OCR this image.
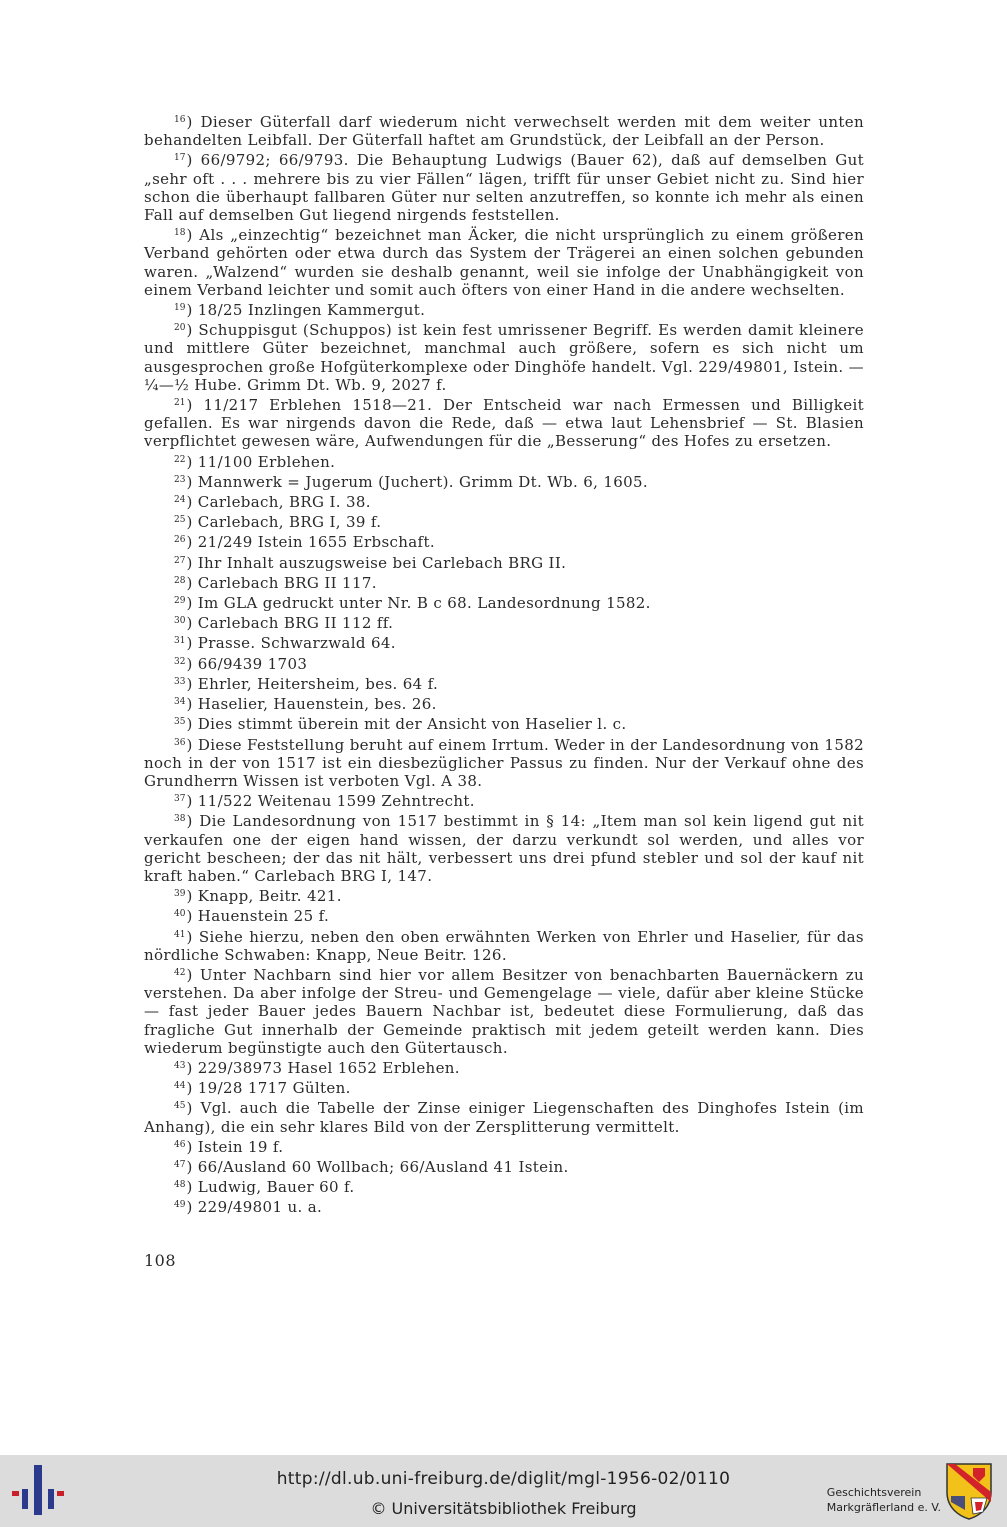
$^{16}$) Dieser Güterfall darf wiederum nicht verwechselt werden mit dem weiter unten behandelten Leibfall. Der Güterfall haftet am Grundstück, der Leibfall an der Person.

$^{17}$) 66/9792; 66/9793. Die Behauptung Ludwigs (Bauer 62), daß auf demselben Gut „sehr oft . . . mehrere bis zu vier Fällen“ lägen, trifft für unser Gebiet nicht zu. Sind hier schon die überhaupt fallbaren Güter nur selten anzutreffen, so konnte ich mehr als einen Fall auf demselben Gut liegend nirgends feststellen.

$^{18}$) Als „einzechtig“ bezeichnet man Äcker, die nicht ursprünglich zu einem größeren Verband gehörten oder etwa durch das System der Trägerei an einen solchen gebunden waren. „Walzend“ wurden sie deshalb genannt, weil sie infolge der Unabhängigkeit von einem Verband leichter und somit auch öfters von einer Hand in die andere wechselten.

$^{19}$) 18/25 Inzlingen Kammergut.

$^{20}$) Schuppisgut (Schuppos) ist kein fest umrissener Begriff. Es werden damit kleinere und mittlere Güter bezeichnet, manchmal auch größere, sofern es sich nicht um ausgesprochen große Hofgüterkomplexe oder Dinghöfe handelt. Vgl. 229/49801, Istein. — ¼—½ Hube. Grimm Dt. Wb. 9, 2027 f.

$^{21}$) 11/217 Erblehen 1518—21. Der Entscheid war nach Ermessen und Billigkeit gefallen. Es war nirgends davon die Rede, daß — etwa laut Lehensbrief — St. Blasien verpflichtet gewesen wäre, Aufwendungen für die „Besserung“ des Hofes zu ersetzen.

$^{22}$) 11/100 Erblehen.

$^{23}$) Mannwerk = Jugerum (Juchert). Grimm Dt. Wb. 6, 1605.

$^{24}$) Carlebach, BRG I. 38.

$^{25}$) Carlebach, BRG I, 39 f.

$^{26}$) 21/249 Istein 1655 Erbschaft.

$^{27}$) Ihr Inhalt auszugsweise bei Carlebach BRG II.

$^{28}$) Carlebach BRG II 117.

$^{29}$) Im GLA gedruckt unter Nr. B c 68. Landesordnung 1582.

$^{30}$) Carlebach BRG II 112 ff.

$^{31}$) Prasse. Schwarzwald 64.

$^{32}$) 66/9439 1703

$^{33}$) Ehrler, Heitersheim, bes. 64 f.

$^{34}$) Haselier, Hauenstein, bes. 26.

$^{35}$) Dies stimmt überein mit der Ansicht von Haselier l. c.

$^{36}$) Diese Feststellung beruht auf einem Irrtum. Weder in der Landesordnung von 1582 noch in der von 1517 ist ein diesbezüglicher Passus zu finden. Nur der Verkauf ohne des Grundherrn Wissen ist verboten Vgl. A 38.

$^{37}$) 11/522 Weitenau 1599 Zehntrecht.

$^{38}$) Die Landesordnung von 1517 bestimmt in § 14: „Item man sol kein ligend gut nit verkaufen one der eigen hand wissen, der darzu verkundt sol werden, und alles vor gericht bescheen; der das nit hält, verbessert uns drei pfund stebler und sol der kauf nit kraft haben.“ Carlebach BRG I, 147.

$^{39}$) Knapp, Beitr. 421.

$^{40}$) Hauenstein 25 f.

$^{41}$) Siehe hierzu, neben den oben erwähnten Werken von Ehrler und Haselier, für das nördliche Schwaben: Knapp, Neue Beitr. 126.

$^{42}$) Unter Nachbarn sind hier vor allem Besitzer von benachbarten Bauernäckern zu verstehen. Da aber infolge der Streu- und Gemengelage — viele, dafür aber kleine Stücke — fast jeder Bauer jedes Bauern Nachbar ist, bedeutet diese Formulierung, daß das fragliche Gut innerhalb der Gemeinde praktisch mit jedem geteilt werden kann. Dies wiederum begünstigte auch den Gütertausch.

$^{43}$) 229/38973 Hasel 1652 Erblehen.

$^{44}$) 19/28 1717 Gülten.

$^{45}$) Vgl. auch die Tabelle der Zinse einiger Liegenschaften des Dinghofes Istein (im Anhang), die ein sehr klares Bild von der Zersplitterung vermittelt.

$^{46}$) Istein 19 f.

$^{47}$) 66/Ausland 60 Wollbach; 66/Ausland 41 Istein.

$^{48}$) Ludwig, Bauer 60 f.

$^{49}$) 229/49801 u. a.

108
http://dl.ub.uni-freiburg.de/diglit/mgl-1956-02/0110
© Universitätsbibliothek Freiburg
Geschichtsverein
Markgräflerland e. V.
